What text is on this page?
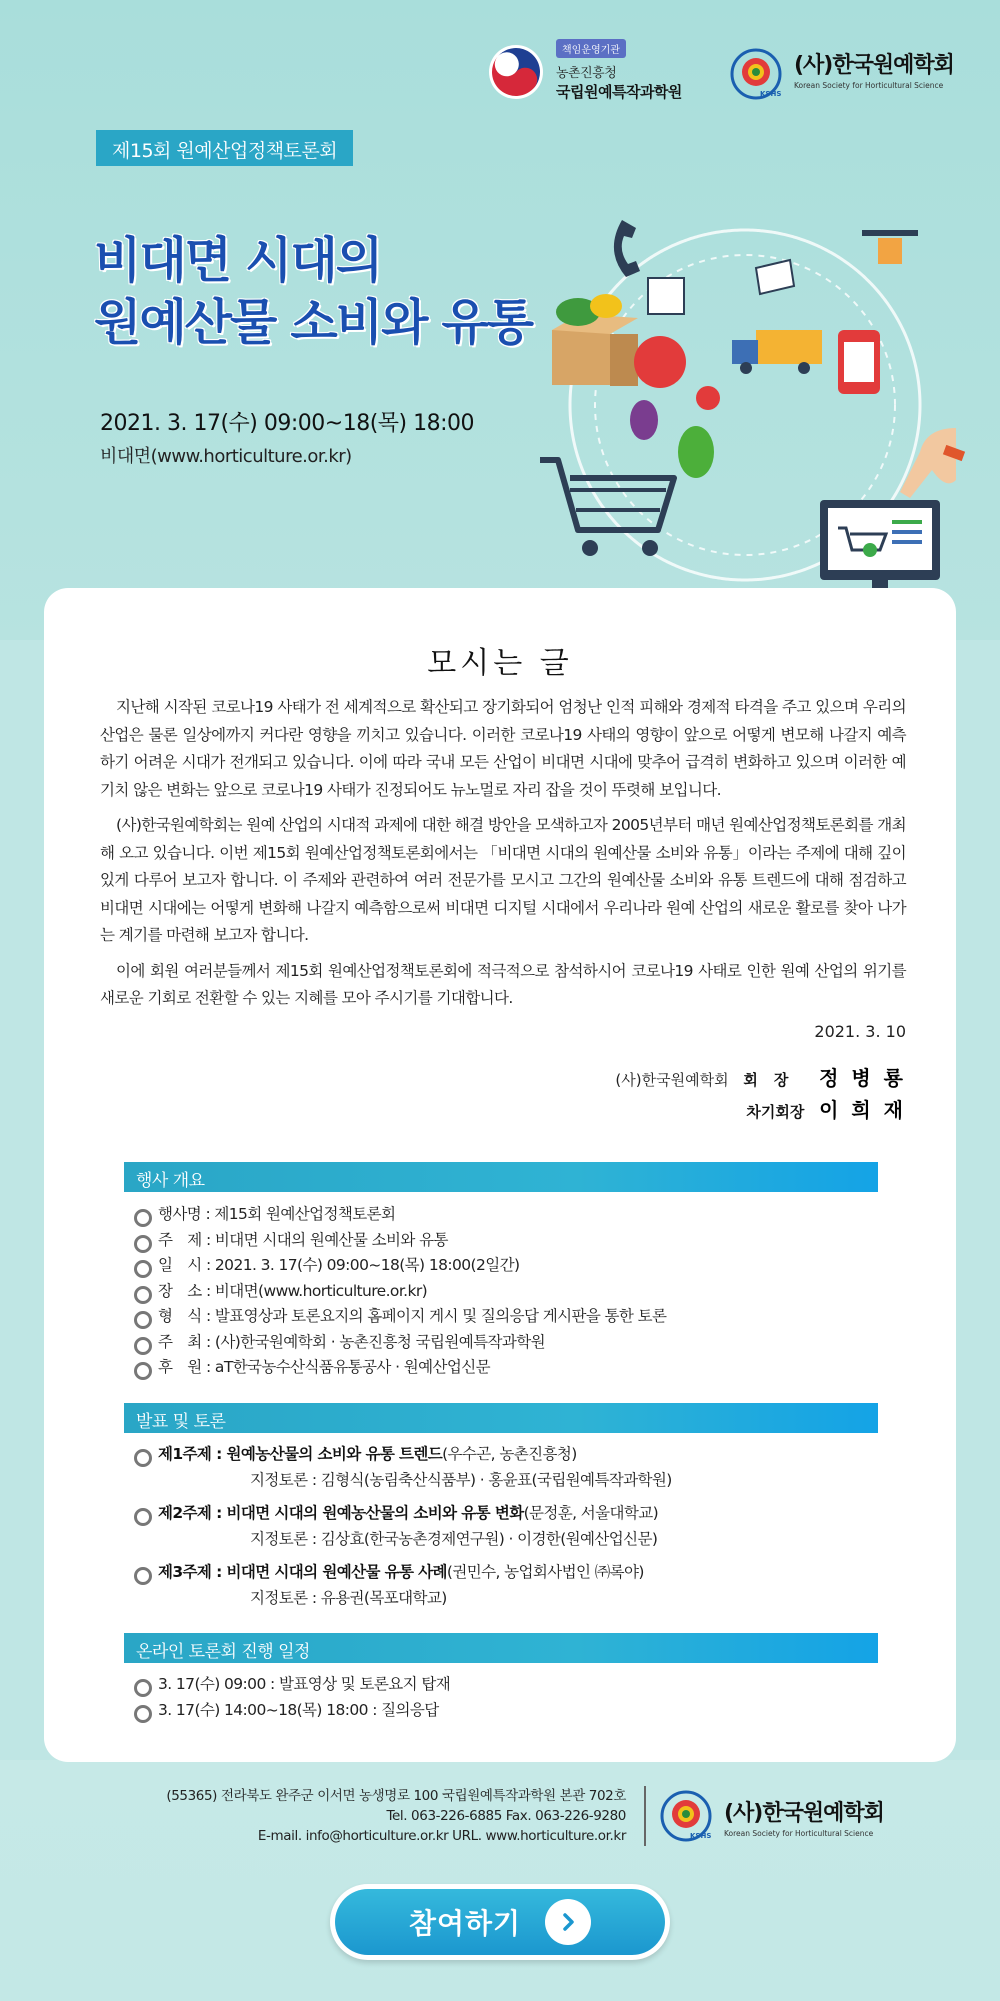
책임운영기관
농촌진흥청
국립원예특작과학원	KSHS
(사)한국원예학회
Korean Society for Horticultural Science
제15회 원예산업정책토론회
비대면 시대의
원예산물 소비와 유통
2021. 3. 17(수) 09:00~18(목) 18:00
비대면(www.horticulture.or.kr)
모시는 글

지난해 시작된 코로나19 사태가 전 세계적으로 확산되고 장기화되어 엄청난 인적 피해와 경제적 타격을 주고 있으며 우리의 산업은 물론 일상에까지 커다란 영향을 끼치고 있습니다. 이러한 코로나19 사태의 영향이 앞으로 어떻게 변모해 나갈지 예측하기 어려운 시대가 전개되고 있습니다. 이에 따라 국내 모든 산업이 비대면 시대에 맞추어 급격히 변화하고 있으며 이러한 예기치 않은 변화는 앞으로 코로나19 사태가 진정되어도 뉴노멀로 자리 잡을 것이 뚜렷해 보입니다.

(사)한국원예학회는 원예 산업의 시대적 과제에 대한 해결 방안을 모색하고자 2005년부터 매년 원예산업정책토론회를 개최해 오고 있습니다. 이번 제15회 원예산업정책토론회에서는 「비대면 시대의 원예산물 소비와 유통」이라는 주제에 대해 깊이 있게 다루어 보고자 합니다. 이 주제와 관련하여 여러 전문가를 모시고 그간의 원예산물 소비와 유통 트렌드에 대해 점검하고 비대면 시대에는 어떻게 변화해 나갈지 예측함으로써 비대면 디지털 시대에서 우리나라 원예 산업의 새로운 활로를 찾아 나가는 계기를 마련해 보고자 합니다.

이에 회원 여러분들께서 제15회 원예산업정책토론회에 적극적으로 참석하시어 코로나19 사태로 인한 원예 산업의 위기를 새로운 기회로 전환할 수 있는 지혜를 모아 주시기를 기대합니다.

2021. 3. 10
(사)한국원예학회 회장 정 병 룡
차기회장 이 희 재
행사 개요
행사명 : 제15회 원예산업정책토론회
주　제 : 비대면 시대의 원예산물 소비와 유통
일　시 : 2021. 3. 17(수) 09:00~18(목) 18:00(2일간)
장　소 : 비대면(www.horticulture.or.kr)
형　식 : 발표영상과 토론요지의 홈페이지 게시 및 질의응답 게시판을 통한 토론
주　최 : (사)한국원예학회 · 농촌진흥청 국립원예특작과학원
후　원 : aT한국농수산식품유통공사 · 원예산업신문
발표 및 토론
제1주제 : 원예농산물의 소비와 유통 트렌드(우수곤, 농촌진흥청)
지정토론 : 김형식(농림축산식품부) · 홍윤표(국립원예특작과학원)
제2주제 : 비대면 시대의 원예농산물의 소비와 유통 변화(문정훈, 서울대학교)
지정토론 : 김상효(한국농촌경제연구원) · 이경한(원예산업신문)
제3주제 : 비대면 시대의 원예산물 유통 사례(권민수, 농업회사법인 ㈜록야)
지정토론 : 유용권(목포대학교)
온라인 토론회 진행 일정
3. 17(수) 09:00 : 발표영상 및 토론요지 탑재
3. 17(수) 14:00~18(목) 18:00 : 질의응답
(55365) 전라북도 완주군 이서면 농생명로 100 국립원예특작과학원 본관 702호
Tel. 063-226-6885 Fax. 063-226-9280
E-mail. info@horticulture.or.kr URL. www.horticulture.or.kr	KSHS
(사)한국원예학회
Korean Society for Horticultural Science
참여하기
